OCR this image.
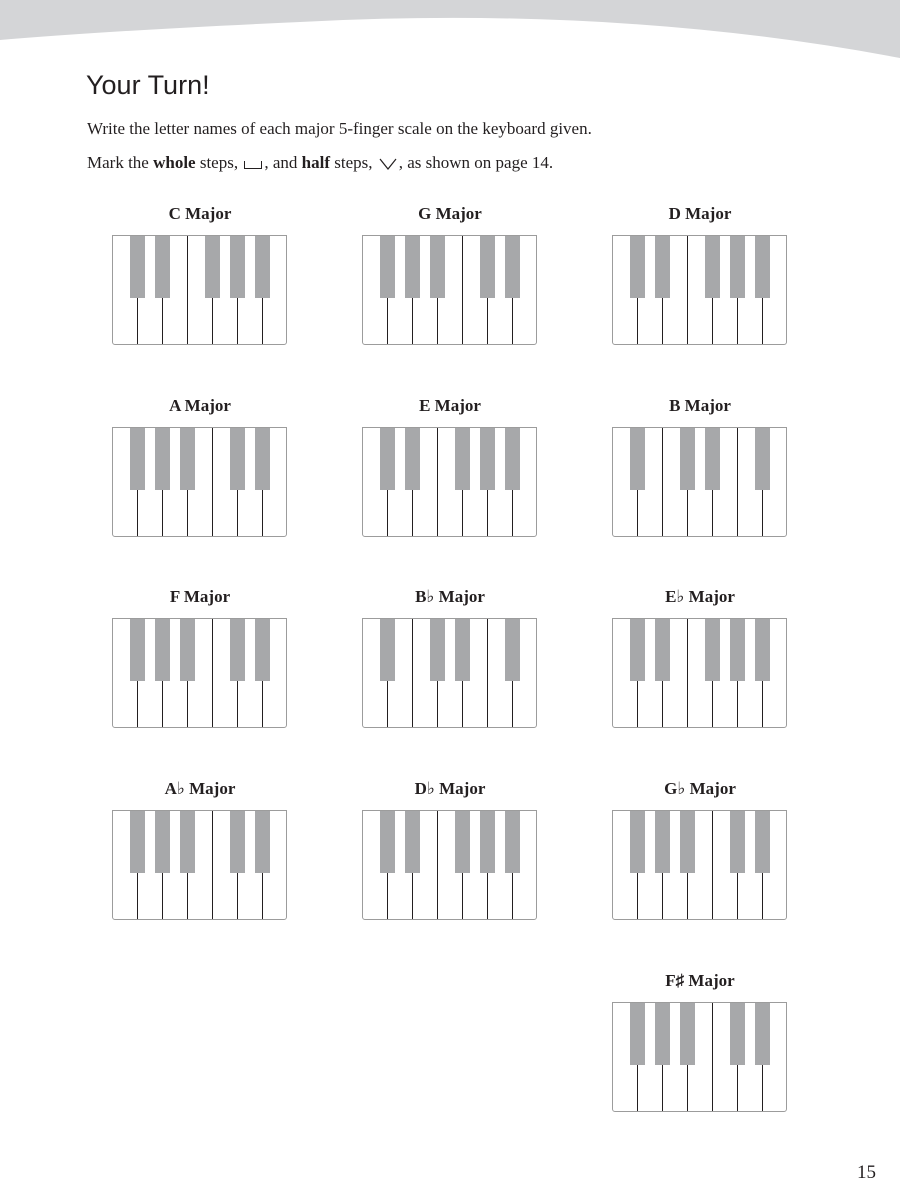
Your Turn!
Write the letter names of each major 5-finger scale on the keyboard given.
Mark the whole steps, , and half steps, , as shown on page 14.
C Major	G Major	D Major
A Major	E Major	B Major
F Major	B♭ Major	E♭ Major
A♭ Major	D♭ Major	G♭ Major
F♯ Major
15
